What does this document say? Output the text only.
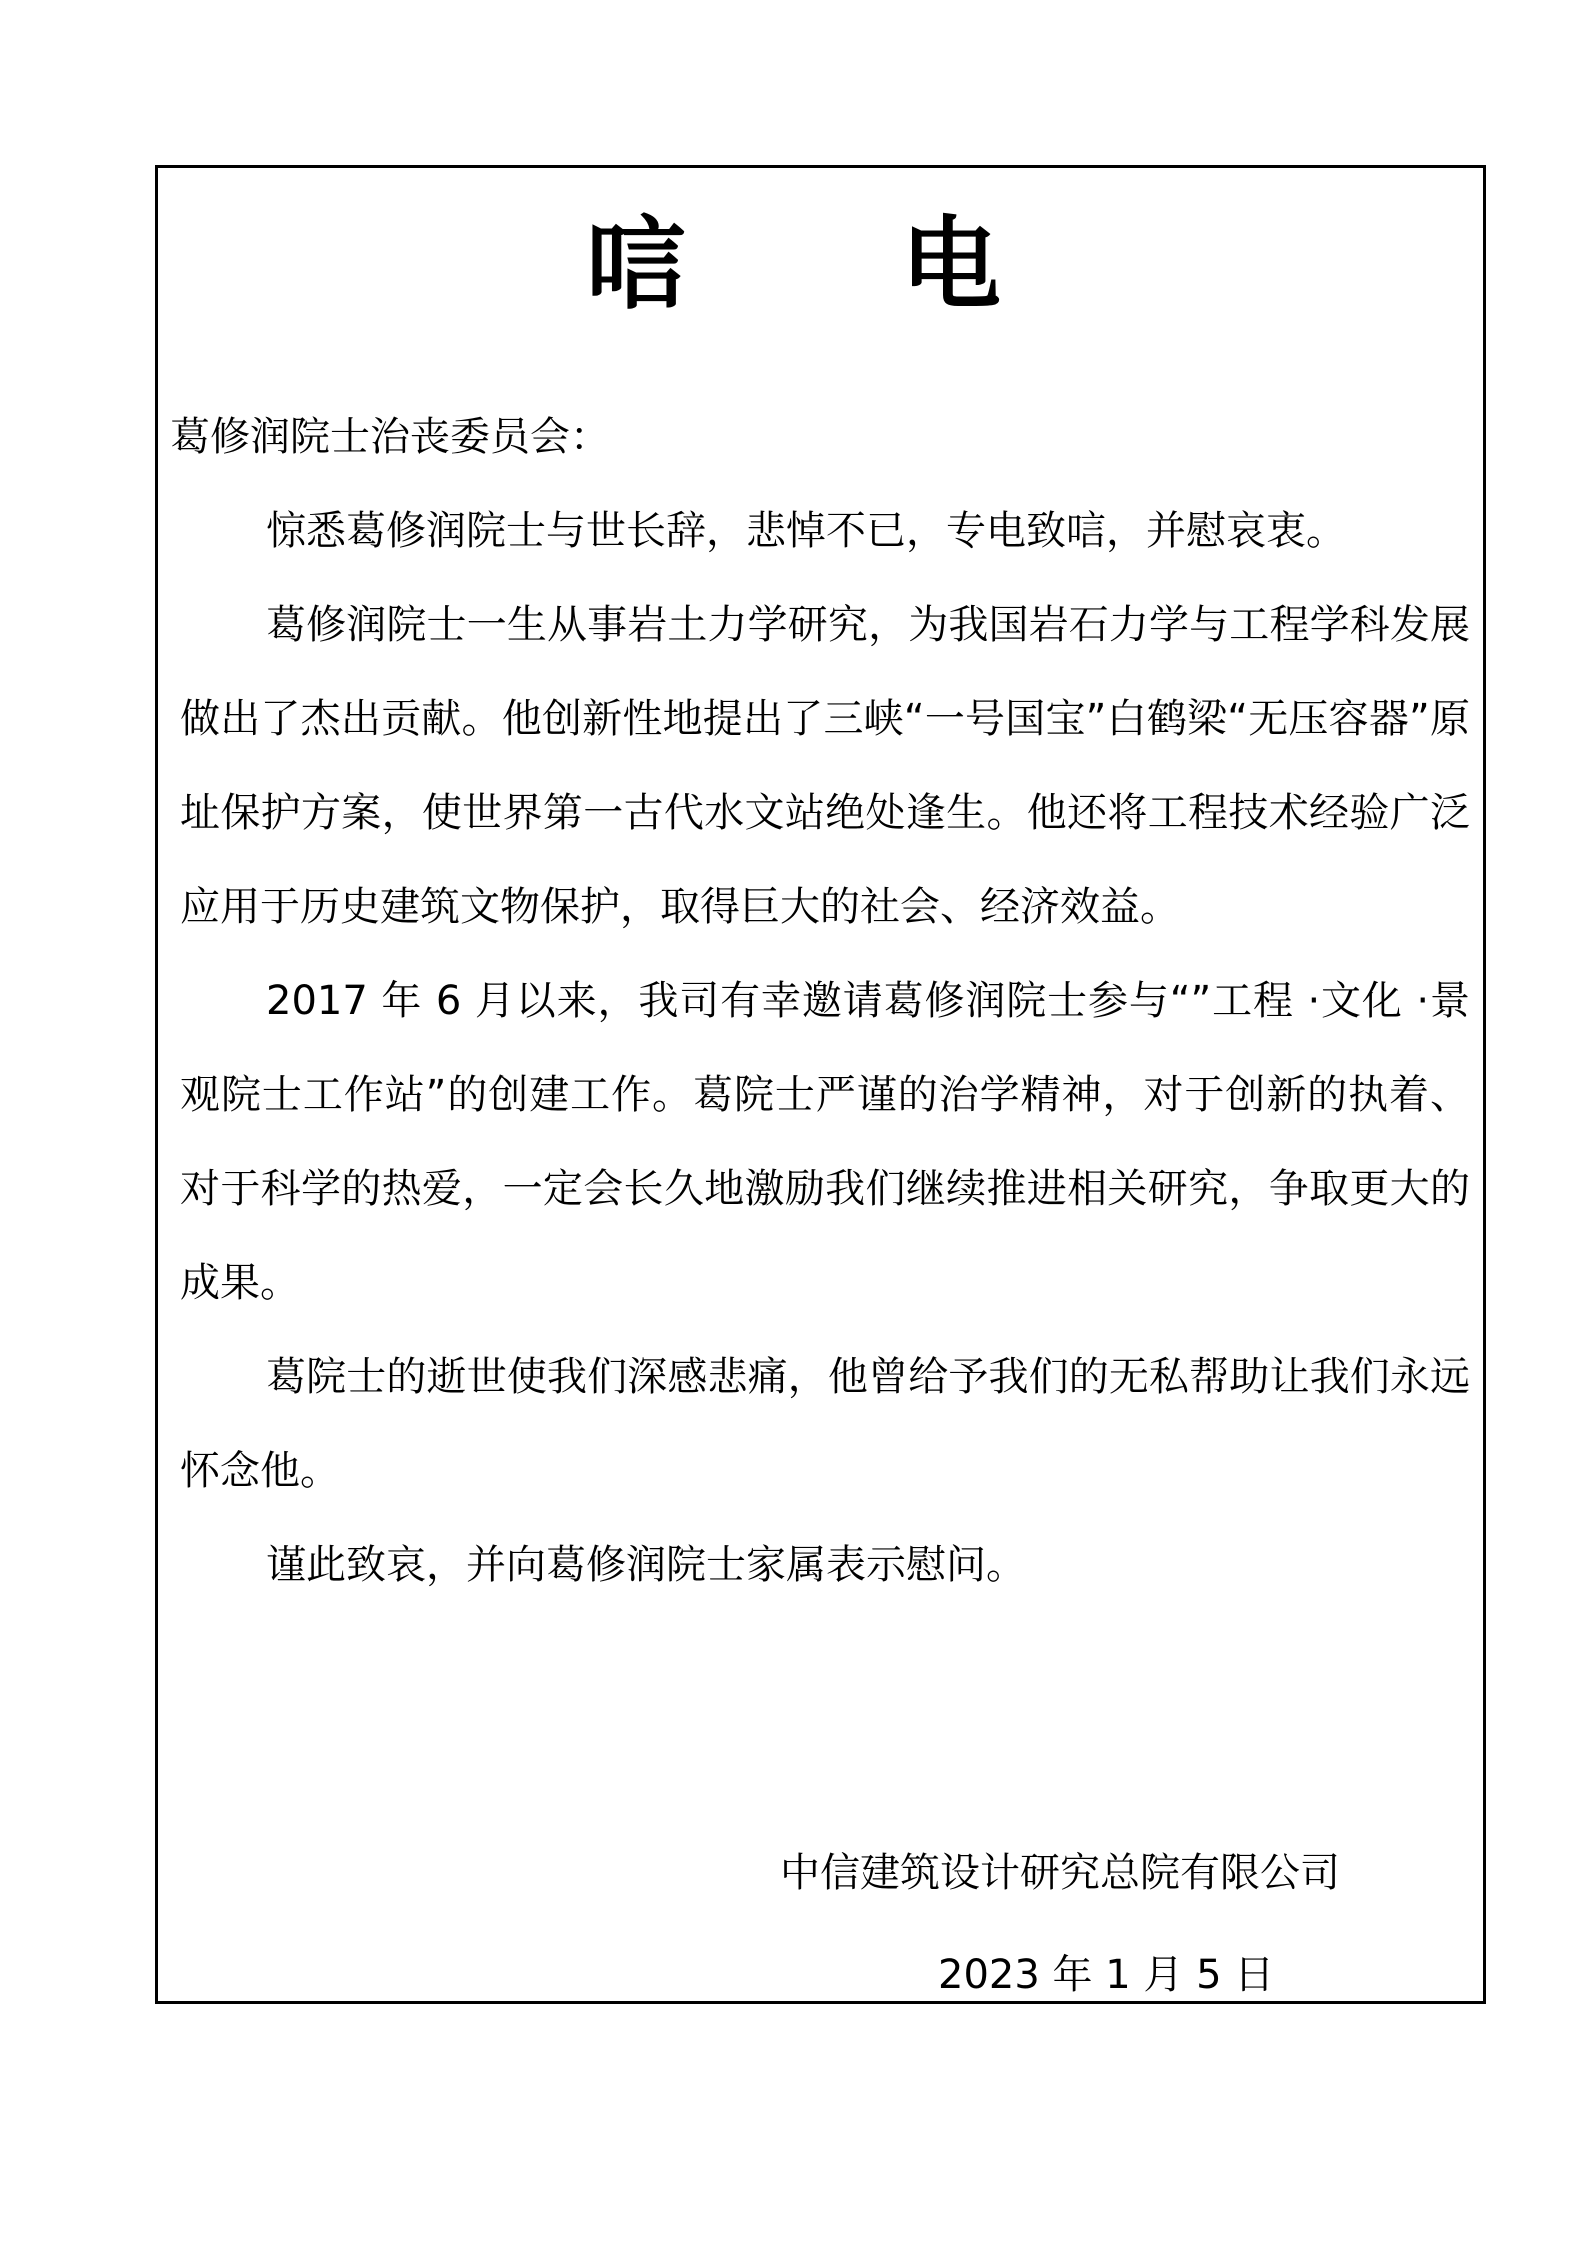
唁 电
葛修润院士治丧委员会：

惊悉葛修润院士与世长辞，悲悼不已，专电致唁，并慰哀衷。

葛修润院士一生从事岩土力学研究，为我国岩石力学与工程学科发展做出了杰出贡献。他创新性地提出了三峡“一号国宝”白鹤梁“无压容器”原址保护方案，使世界第一古代水文站绝处逢生。他还将工程技术经验广泛应用于历史建筑文物保护，取得巨大的社会、经济效益。

2017 年 6 月以来，我司有幸邀请葛修润院士参与“”工程 ·文化 ·景观院士工作站”的创建工作。葛院士严谨的治学精神，对于创新的执着、对于科学的热爱，一定会长久地激励我们继续推进相关研究，争取更大的成果。

葛院士的逝世使我们深感悲痛，他曾给予我们的无私帮助让我们永远怀念他。

谨此致哀，并向葛修润院士家属表示慰问。

中信建筑设计研究总院有限公司
2023 年 1 月 5 日
